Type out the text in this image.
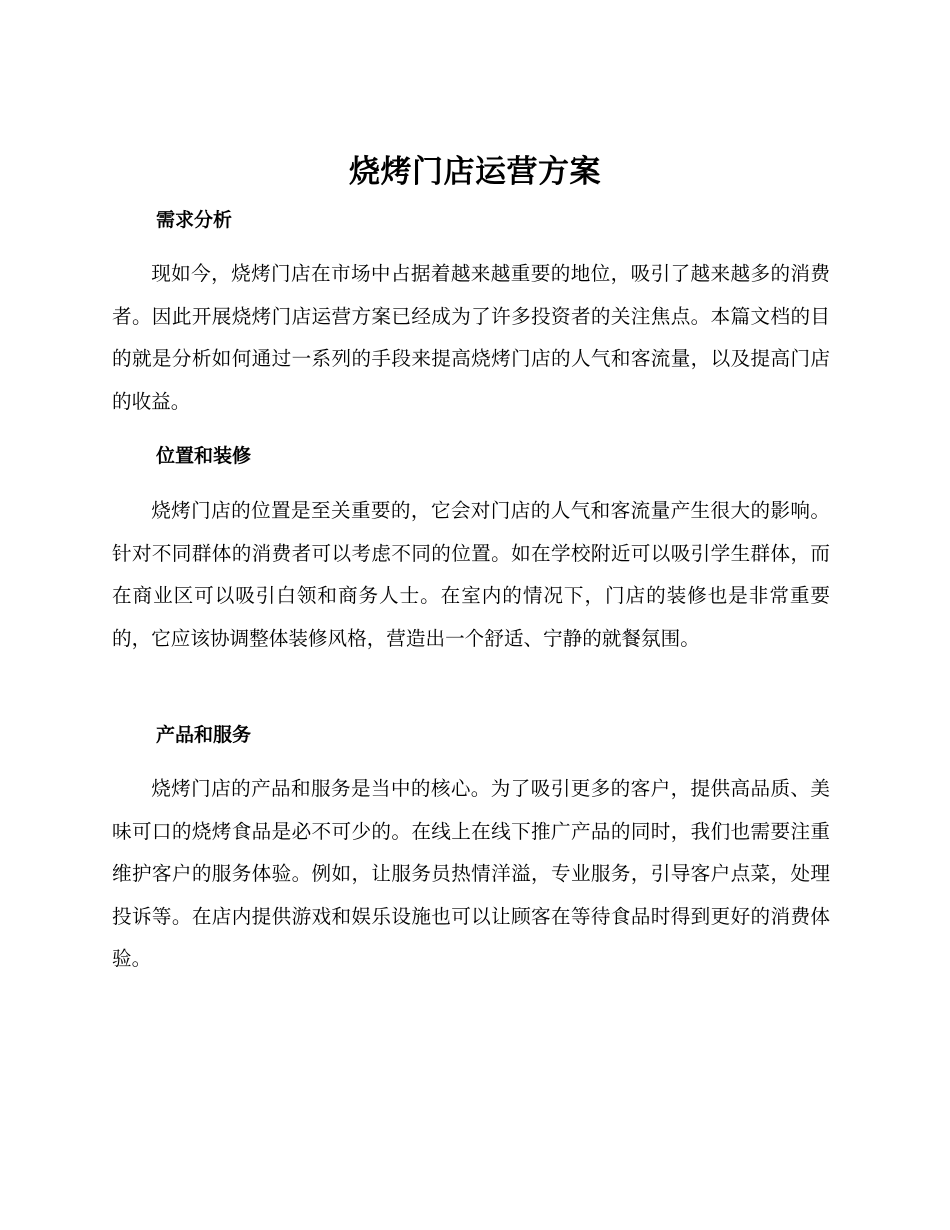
烧烤门店运营方案
需求分析

现如今，烧烤门店在市场中占据着越来越重要的地位，吸引了越来越多的消费者。因此开展烧烤门店运营方案已经成为了许多投资者的关注焦点。本篇文档的目的就是分析如何通过一系列的手段来提高烧烤门店的人气和客流量，以及提高门店的收益。

位置和装修

烧烤门店的位置是至关重要的，它会对门店的人气和客流量产生很大的影响。针对不同群体的消费者可以考虑不同的位置。如在学校附近可以吸引学生群体，而在商业区可以吸引白领和商务人士。在室内的情况下，门店的装修也是非常重要的，它应该协调整体装修风格，营造出一个舒适、宁静的就餐氛围。

产品和服务

烧烤门店的产品和服务是当中的核心。为了吸引更多的客户，提供高品质、美味可口的烧烤食品是必不可少的。在线上在线下推广产品的同时，我们也需要注重维护客户的服务体验。例如，让服务员热情洋溢，专业服务，引导客户点菜，处理投诉等。在店内提供游戏和娱乐设施也可以让顾客在等待食品时得到更好的消费体验。
